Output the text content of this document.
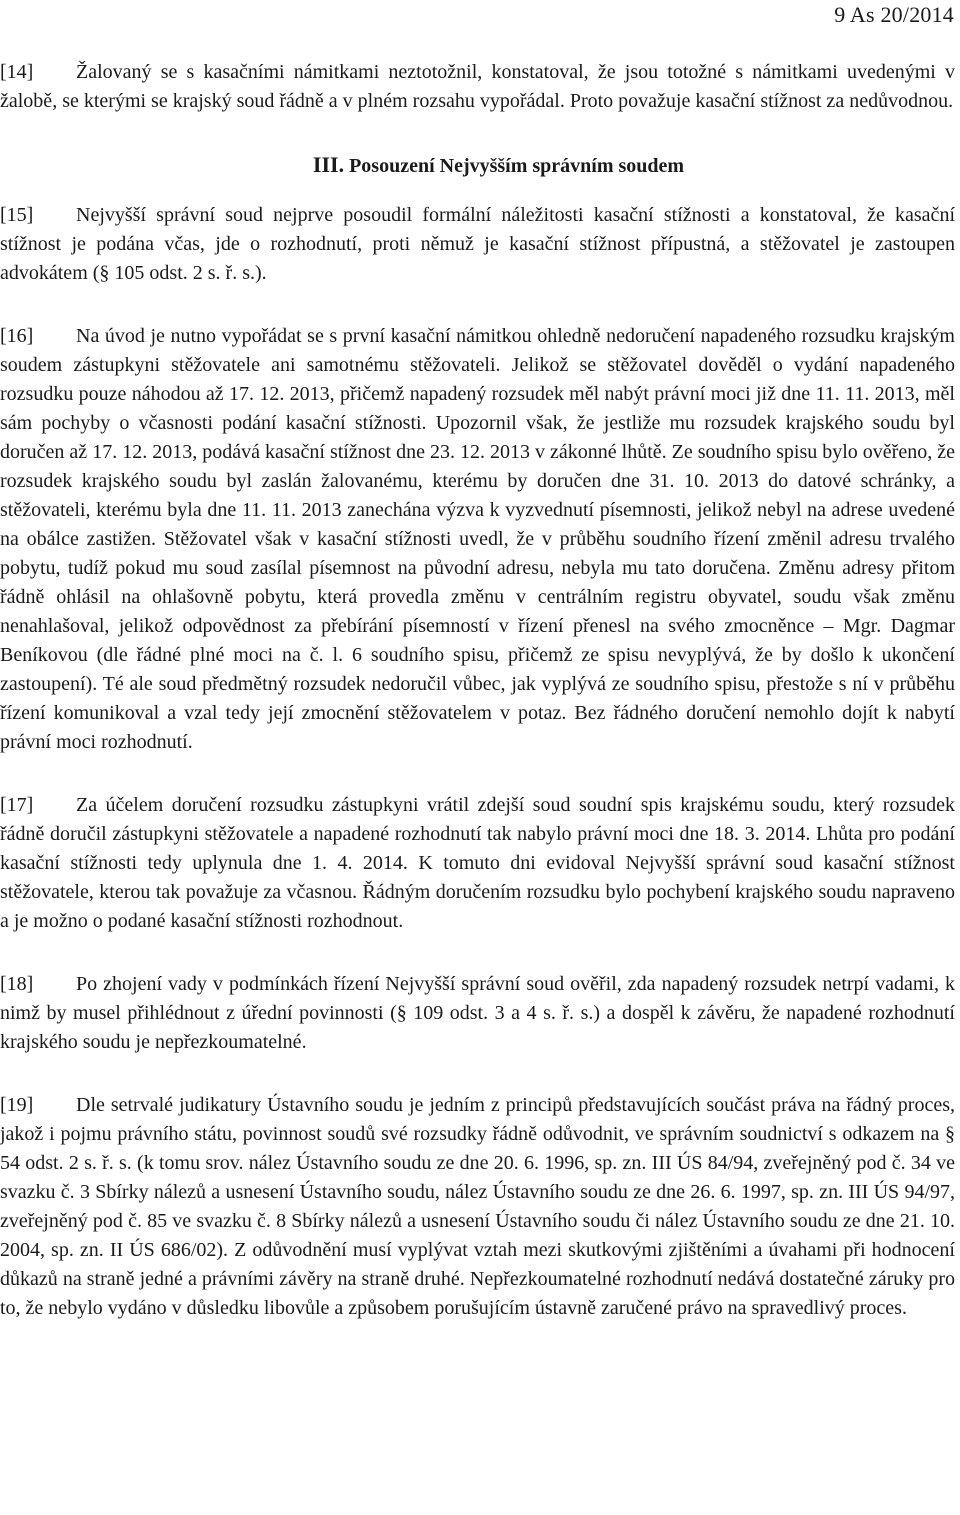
9 As 20/2014

[14] Žalovaný se s kasačními námitkami neztotožnil, konstatoval, že jsou totožné s námitkami uvedenými v žalobě, se kterými se krajský soud řádně a v plném rozsahu vypořádal. Proto považuje kasační stížnost za nedůvodnou.

III. Posouzení Nejvyšším správním soudem

[15] Nejvyšší správní soud nejprve posoudil formální náležitosti kasační stížnosti a konstatoval, že kasační stížnost je podána včas, jde o rozhodnutí, proti němuž je kasační stížnost přípustná, a stěžovatel je zastoupen advokátem (§ 105 odst. 2 s. ř. s.).

[16] Na úvod je nutno vypořádat se s první kasační námitkou ohledně nedoručení napadeného rozsudku krajským soudem zástupkyni stěžovatele ani samotnému stěžovateli. Jelikož se stěžovatel dověděl o vydání napadeného rozsudku pouze náhodou až 17. 12. 2013, přičemž napadený rozsudek měl nabýt právní moci již dne 11. 11. 2013, měl sám pochyby o včasnosti podání kasační stížnosti. Upozornil však, že jestliže mu rozsudek krajského soudu byl doručen až 17. 12. 2013, podává kasační stížnost dne 23. 12. 2013 v zákonné lhůtě. Ze soudního spisu bylo ověřeno, že rozsudek krajského soudu byl zaslán žalovanému, kterému by doručen dne 31. 10. 2013 do datové schránky, a stěžovateli, kterému byla dne 11. 11. 2013 zanechána výzva k vyzvednutí písemnosti, jelikož nebyl na adrese uvedené na obálce zastižen. Stěžovatel však v kasační stížnosti uvedl, že v průběhu soudního řízení změnil adresu trvalého pobytu, tudíž pokud mu soud zasílal písemnost na původní adresu, nebyla mu tato doručena. Změnu adresy přitom řádně ohlásil na ohlašovně pobytu, která provedla změnu v centrálním registru obyvatel, soudu však změnu nenahlašoval, jelikož odpovědnost za přebírání písemností v řízení přenesl na svého zmocněnce – Mgr. Dagmar Beníkovou (dle řádné plné moci na č. l. 6 soudního spisu, přičemž ze spisu nevyplývá, že by došlo k ukončení zastoupení). Té ale soud předmětný rozsudek nedoručil vůbec, jak vyplývá ze soudního spisu, přestože s ní v průběhu řízení komunikoval a vzal tedy její zmocnění stěžovatelem v potaz. Bez řádného doručení nemohlo dojít k nabytí právní moci rozhodnutí.

[17] Za účelem doručení rozsudku zástupkyni vrátil zdejší soud soudní spis krajskému soudu, který rozsudek řádně doručil zástupkyni stěžovatele a napadené rozhodnutí tak nabylo právní moci dne 18. 3. 2014. Lhůta pro podání kasační stížnosti tedy uplynula dne 1. 4. 2014. K tomuto dni evidoval Nejvyšší správní soud kasační stížnost stěžovatele, kterou tak považuje za včasnou. Řádným doručením rozsudku bylo pochybení krajského soudu napraveno a je možno o podané kasační stížnosti rozhodnout.

[18] Po zhojení vady v podmínkách řízení Nejvyšší správní soud ověřil, zda napadený rozsudek netrpí vadami, k nimž by musel přihlédnout z úřední povinnosti (§ 109 odst. 3 a 4 s. ř. s.) a dospěl k závěru, že napadené rozhodnutí krajského soudu je nepřezkoumatelné.

[19] Dle setrvalé judikatury Ústavního soudu je jedním z principů představujících součást práva na řádný proces, jakož i pojmu právního státu, povinnost soudů své rozsudky řádně odůvodnit, ve správním soudnictví s odkazem na § 54 odst. 2 s. ř. s. (k tomu srov. nález Ústavního soudu ze dne 20. 6. 1996, sp. zn. III ÚS 84/94, zveřejněný pod č. 34 ve svazku č. 3 Sbírky nálezů a usnesení Ústavního soudu, nález Ústavního soudu ze dne 26. 6. 1997, sp. zn. III ÚS 94/97, zveřejněný pod č. 85 ve svazku č. 8 Sbírky nálezů a usnesení Ústavního soudu či nález Ústavního soudu ze dne 21. 10. 2004, sp. zn. II ÚS 686/02). Z odůvodnění musí vyplývat vztah mezi skutkovými zjištěními a úvahami při hodnocení důkazů na straně jedné a právními závěry na straně druhé. Nepřezkoumatelné rozhodnutí nedává dostatečné záruky pro to, že nebylo vydáno v důsledku libovůle a způsobem porušujícím ústavně zaručené právo na spravedlivý proces.
